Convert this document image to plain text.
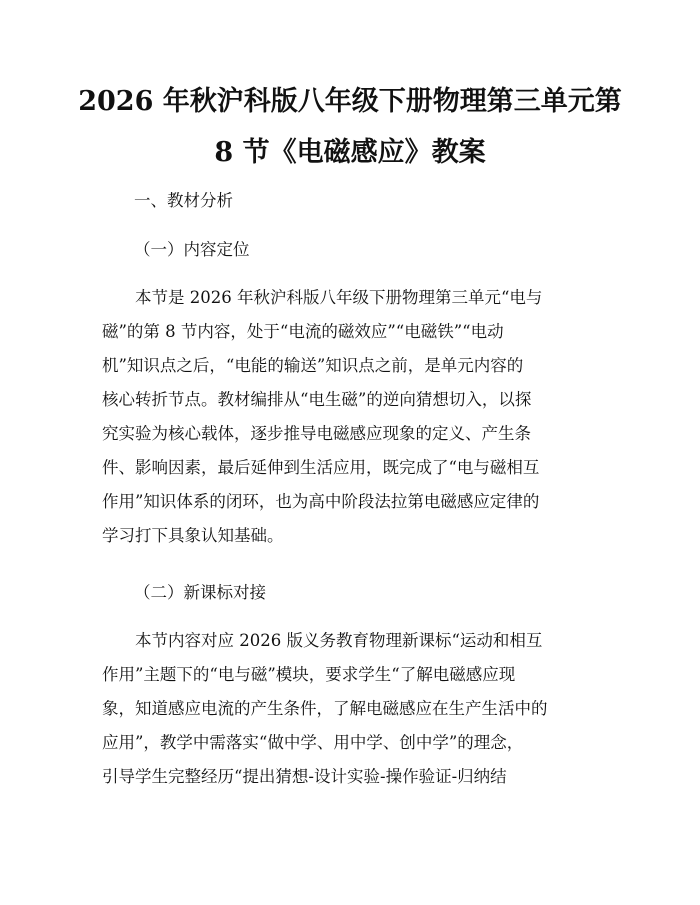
2026 年秋沪科版八年级下册物理第三单元第
8 节《电磁感应》教案

一、教材分析

（一）内容定位

　　本节是 2026 年秋沪科版八年级下册物理第三单元“电与
磁”的第 8 节内容，处于“电流的磁效应”“电磁铁”“电动
机”知识点之后，“电能的输送”知识点之前，是单元内容的
核心转折节点。教材编排从“电生磁”的逆向猜想切入，以探
究实验为核心载体，逐步推导电磁感应现象的定义、产生条
件、影响因素，最后延伸到生活应用，既完成了“电与磁相互
作用”知识体系的闭环，也为高中阶段法拉第电磁感应定律的
学习打下具象认知基础。

（二）新课标对接

　　本节内容对应 2026 版义务教育物理新课标“运动和相互
作用”主题下的“电与磁”模块，要求学生“了解电磁感应现
象，知道感应电流的产生条件，了解电磁感应在生产生活中的
应用”，教学中需落实“做中学、用中学、创中学”的理念，
引导学生完整经历“提出猜想-设计实验-操作验证-归纳结
